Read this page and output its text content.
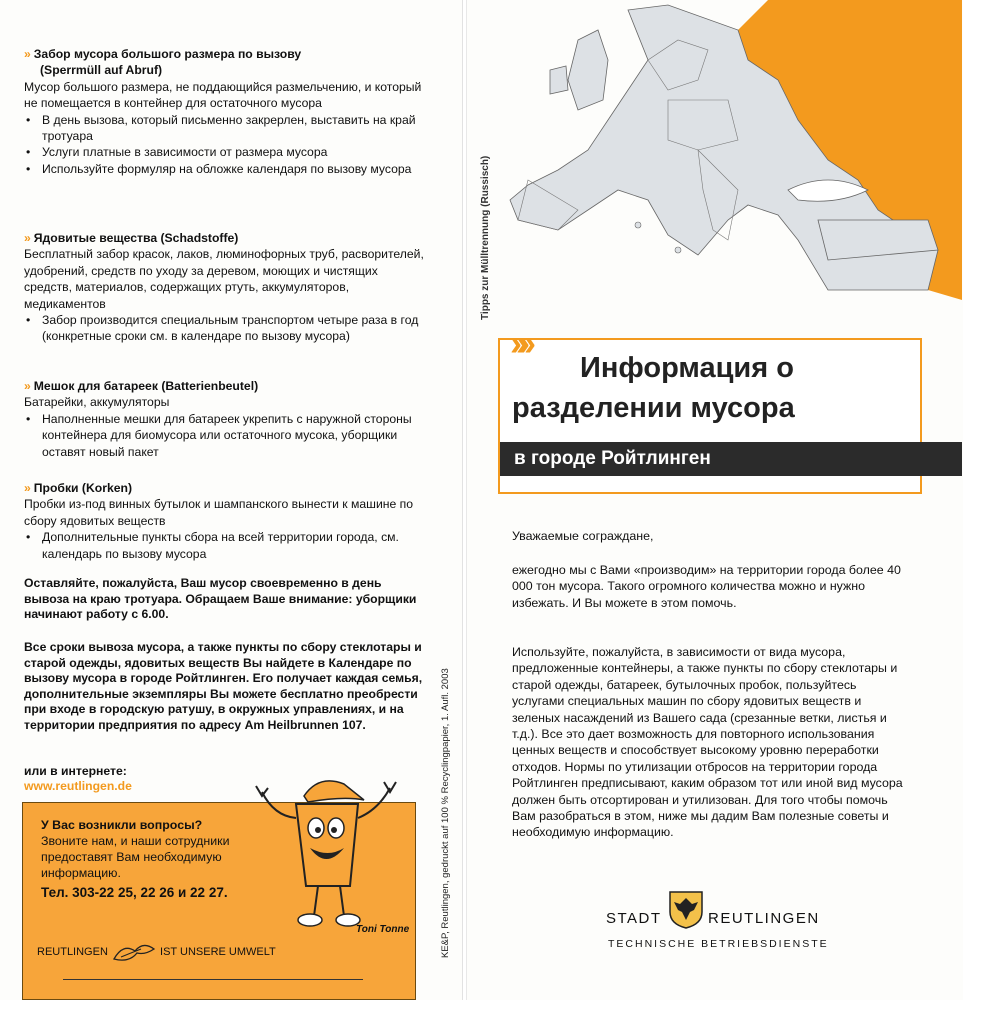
» Забор мусора большого размера по вызову
(Sperrmüll auf Abruf)
Мусор большого размера, не поддающийся размельчению, и который не помещается в контейнер для остаточного мусора
• В день вызова, который письменно закрерлен, выставить на край тротуара
• Услуги платные в зависимости от размера мусора
• Используйте формуляр на обложке календаря по вызову мусора
» Ядовитые вещества (Schadstoffe)
Бесплатный забор красок, лаков, люминофорных труб, расворителей, удобрений, средств по уходу за деревом, моющих и чистящих средств, материалов, содержащих ртуть, аккумуляторов, медикаментов
• Забор производится специальным транспортом четыре раза в год (конкретные сроки см. в календаре по вызову мусора)
» Мешок для батареек (Batterienbeutel)
Батарейки, аккумуляторы
• Наполненные мешки для батареек укрепить с наружной стороны контейнера для биомусора или остаточного мусока, уборщики оставят новый пакет
» Пробки (Korken)
Пробки из-под винных бутылок и шампанского вынести к машине по сбору ядовитых веществ
• Дополнительные пункты сбора на всей территории города, см. календарь по вызову мусора
Оставляйте, пожалуйста, Ваш мусор своевременно в день вывоза на краю тротуара. Обращаем Ваше внимание: уборщики начинают работу с 6.00.
Все сроки вывоза мусора, а также пункты по сбору стеклотары и старой одежды, ядовитых веществ Вы найдете в Календаре по вызову мусора в городе Ройтлинген. Его получает каждая семья, дополнительные экземпляры Вы можете бесплатно преобрести при входе в городскую ратушу, в окружных управлениях, и на территории предприятия по адресу Am Heilbrunnen 107.
или в интернете:
www.reutlingen.de
У Вас возникли вопросы?
Звоните нам, и наши сотрудники предоставят Вам необходимую информацию.
Тел. 303-22 25, 22 26 и 22 27.
REUTLINGEN	IST UNSERE UMWELT
Toni Tonne	KE&P, Reutlingen, gedruckt auf 100 % Recyclingpapier, 1. Aufl. 2003
Tipps zur Mülltrennung (Russisch)
»»
Информация о
разделении мусора
в городе Ройтлинген
Уважаемые сограждане,
ежегодно мы с Вами «производим» на территории города более 40 000 тон мусора. Такого огромного количества можно и нужно избежать. И Вы можете в этом помочь.
Используйте, пожалуйста, в зависимости от вида мусора, предложенные контейнеры, а также пункты по сбору стеклотары и старой одежды, батареек, бутылочных пробок, пользуйтесь услугами специальных машин по сбору ядовитых веществ и зеленых насаждений из Вашего сада (срезанные ветки, листья и т.д.). Все это дает возможность для повторного использования ценных веществ и способствует высокому уровню переработки отходов. Нормы по утилизации отбросов на территории города Ройтлинген предписывают, каким образом тот или иной вид мусора должен быть отсортирован и утилизован. Для того чтобы помочь Вам разобраться в этом, ниже мы дадим Вам полезные советы и необходимую информацию.
STADT	REUTLINGEN
TECHNISCHE BETRIEBSDIENSTE
